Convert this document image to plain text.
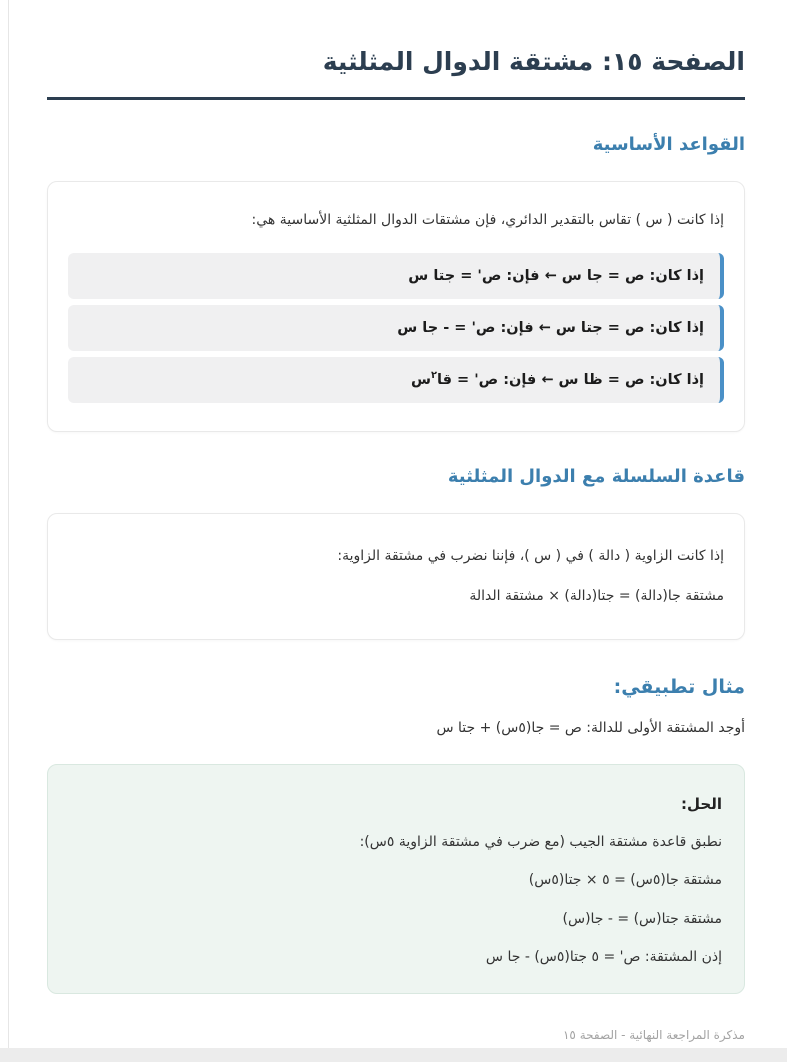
الصفحة ١٥: مشتقة الدوال المثلثية
القواعد الأساسية

إذا كانت ( س ) تقاس بالتقدير الدائري، فإن مشتقات الدوال المثلثية الأساسية هي:

إذا كان: ص = جا س ← فإن: ص' = جتا س
إذا كان: ص = جتا س ← فإن: ص' = - جا س
إذا كان: ص = ظا س ← فإن: ص' = قا
$^٢$
س
قاعدة السلسلة مع الدوال المثلثية

إذا كانت الزاوية ( دالة ) في ( س )، فإننا نضرب في مشتقة الزاوية:

مشتقة جا(دالة) = جتا(دالة) × مشتقة الدالة

مثال تطبيقي:

أوجد المشتقة الأولى للدالة: ص = جا(٥س) + جتا س

الحل:

نطبق قاعدة مشتقة الجيب (مع ضرب في مشتقة الزاوية ٥س):

مشتقة جا(٥س) = ٥ × جتا(٥س)

مشتقة جتا(س) = - جا(س)

إذن المشتقة: ص' = ٥ جتا(٥س) - جا س

مذكرة المراجعة النهائية - الصفحة ١٥
